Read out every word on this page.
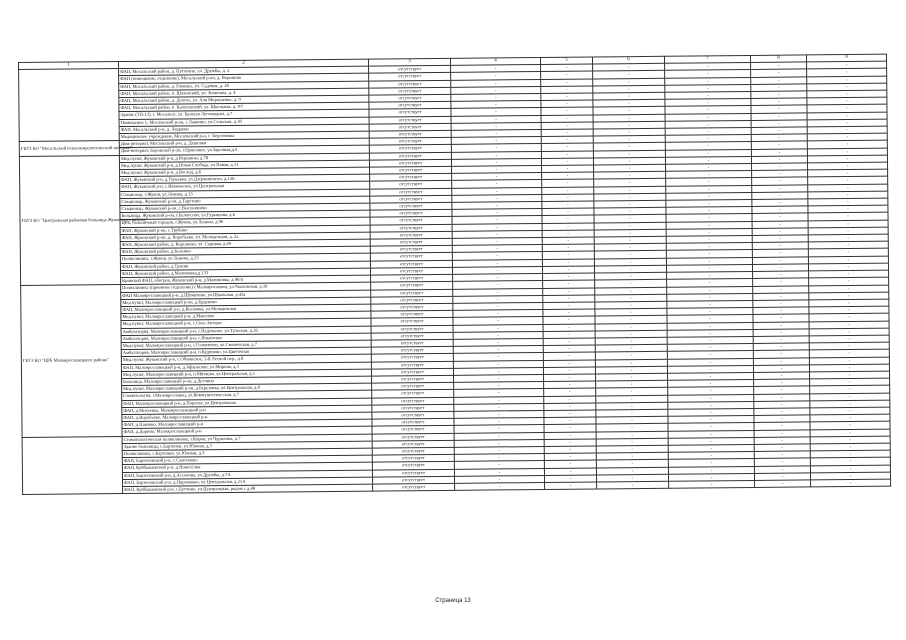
1	2	3	4	5	6	7	8	9
	ФАП, Мосальский район, д. Путогино, ул. Дружбы, д. 2	отсутствует	-	-	-	-	-	-
	ФАП (помещение, отделение), Мосальский р-он, д. Воронино	отсутствует	-	-	-	-	-	-
	ФАП, Мосальский район, д. Раменье, ул. Садовая, д. 20	отсутствует	-	-	-	-	-	-
	ФАП, Мосальский район, п. Шаховский, ул. Знаменка, д. 4	отсутствует	-	-	-	-	-	-
	ФАП, Мосальский район, д. Долгое, ул. Аля Мирошенко, д. 9	отсутствует	-	-	-	-	-	-
	ФАП, Мосальский район, п. Калуговский, ул. Школьная, д. 9/7	отсутствует	-	-	-	-	-	-
	Здание (ТП-13), г. Мосальск, ул. Братьев Луговицких, д.7	отсутствует	-	-	-	-	-	-
	Помещение 1, Мосальский р-он, с.Лавнино, ул.Сельская, д.30	отсутствует	-	-	-	-	-	-
	ФАП, Мосальский р-н, д. Людково	отсутствует	-	-	-	-	-	-
	Медицинское учреждение, Мосальский р-н, с. Берсеневка	отсутствует	-	-	-	-	-	-
ГБУЗ КО "Мосальский психоневрологический интернат"	Дом-интернат, Мосальский р-н, д. Дешевки	отсутствует	-	-	-	-	-	-
	Дом-интернат, Боровской р-он, г.Ермолино, ул.Зарочная,д.6	отсутствует	-	-	-	-	-	-
ГБУЗ КО "Центральная районная больница Жуковского района"	Мед.пункт, Жуковский р-н, д.Вершины, д.78	отсутствует	-	-	-	-	-	-
	Мед.пункт, Жуковский р-н, д.Новая Слобода, ул.Новая, д.11	отсутствует	-	-	-	-	-	-
	Мед.пункт, Жуковский р-н, д.Восход, д.6	отсутствует	-	-	-	-	-	-
	ФАП, Жуковский р-н, д.Гурьевка, ул.Дзержинского, д.12Б	отсутствует	-	-	-	-	-	-
	ФАП, Жуковский р-н, с.Ивановское, ул.Центральная	отсутствует	-	-	-	-	-	-
	Стационар, г.Жуков, ул.Ленина, д.13	отсутствует	-	-	-	-	-	-
	Стационар, Жуковский р-он, д.Тарутино	отсутствует	-	-	-	-	-	-
	Стационар, Жуковский р-он, с.Высокиничи	отсутствует	-	-	-	-	-	-
	Больница, Жуковский р-он, г.Белоусово, ул.Гурьянова, д.6	отсутствует	-	-	-	-	-	-
	ЦРБ, больничный городок, г.Жуков, ул.Ленина, д.96	отсутствует	-	-	-	-	-	-
	ФАП, Жуковский р-он, с.Трубино	отсутствует	-	-	-	-	-	-
	ФАП, Жуковский р-он, д. Воробьево, ул. Молодежная, д. 2а	отсутствует	-	-	-	-	-	-
	ФАП, Жуковский район, д. Корсаково, ул. Садовая, д.69	отсутствует	-	-	-	-	-	-
	ФАП, Жуковский район, д.Белкино	отсутствует	-	-	-	-	-	-
	Поликлиника, г.Жуков, ул.Ленина, д.13	отсутствует	-	-	-	-	-	-
	ФАП, Жуковский район, д.Трисвя	отсутствует	-	-	-	-	-	-
	ФАП, Жуковский район, д.Малиновка,д.133	отсутствует	-	-	-	-	-	-
	Кривской ФАП, обогрев, Жуковский р-н, д.Малиновка, д.90/4	отсутствует	-	-	-	-	-	-
ГБУЗ КО "ЦРБ Малоярославецкого района"	Поликлиника (приемное отделение) г.Малоярославец, ул.Чкаловская, д.16	отсутствует	-	-	-	-	-	-
	ФАП Малоярославецкий р-н, д.Шумятино, ул.Школьная, д.43а	отсутствует	-	-	-	-	-	-
	Мед.пункт, Малоярославецкий р-он, д.Ерденево	отсутствует	-	-	-	-	-	-
	ФАП, Малоярославецкий р-н, д.Козловка, ул.Молодежная	отсутствует	-	-	-	-	-	-
	Мед.пункт, Малоярославецкий р-н, д.Максимо	отсутствует	-	-	-	-	-	-
	Мед.пункт, Малоярославецкий р-н, с.Спас-Загорье	отсутствует	-	-	-	-	-	-
	Амбулатория, Малоярославецкий р-н, с.Недельное, ул.Тульская, д.26	отсутствует	-	-	-	-	-	-
	Амбулатория, Малоярославецкий р-н, с.Ильинское	отсутствует	-	-	-	-	-	-
	Мед.пункт, Малоярославецкий р-н, с.Головтеево, ул.Смоленская, д.7	отсутствует	-	-	-	-	-	-
	Амбулатория, Малоярославецкий р-н, п.Кудиново, ул.Цветочная	отсутствует	-	-	-	-	-	-
	Мед.пункт, Жуковский р-н, с.Обнинское, 2-й Лесной пер., д.8	отсутствует	-	-	-	-	-	-
	ФАП, Малоярославецкий р-н, д.Афанасово, ул.Мирная, д.3	отсутствует	-	-	-	-	-	-
	Мед.пункт, Малоярославецкий р-н, п.Митяево, ул.Центральная, д.1	отсутствует	-	-	-	-	-	-
	Больница, Малоярославецкий р-он, д.Детчино	отсутствует	-	-	-	-	-	-
	Мед.пункт, Малоярославецкий р-он, д.Березовка, ул.Центральная, д.8	отсутствует	-	-	-	-	-	-
	Стоматология, г.Малоярославец, ул.Коммунистическая, д.7	отсутствует	-	-	-	-	-	-
	ФАП, Малоярославецкий р-н, д.Поречье, ул.Центральная	отсутствует	-	-	-	-	-	-
	ФАП, д.Михеевка, Малоярославецкий р-н	отсутствует	-	-	-	-	-	-
	ФАП, д.Воробьёво, Малоярославецкий р-н	отсутствует	-	-	-	-	-	-
	ФАП, д.Павлово, Малоярославецкий р-н	отсутствует	-	-	-	-	-	-
	ФАП, д.Дорино, Малоярославецкий р-н	отсутствует	-	-	-	-	-	-
	Стоматологическая поликлиника, г.Киров, ул.Чурилина, д.7	отсутствует	-	-	-	-	-	-
	Здание больницы, с.Бартенки, ул.Южная, д.3	отсутствует	-	-	-	-	-	-
	Поликлиника, с.Бартенки, ул.Южная, д.3	отсутствует	-	-	-	-	-	-
	ФАП, Бартеновский р-н, с.Самсоново	отсутствует	-	-	-	-	-	-
	ФАП, Куйбышевский р-н, д.Новосёлки	отсутствует	-	-	-	-	-	-
	ФАП, Бартеновский р-н, д.Ассоново, ул.Дружбы, д.7А	отсутствует	-	-	-	-	-	-
	ФАП, Бартеновский р-н, д.Пирожково, ул.Центральная, д.21А	отсутствует	-	-	-	-	-	-
	ФАП, Куйбышевский р-н, с.Бутчино, ул.Центральная, рядом с д.48	отсутствует	-	-	-	-	-	-
Страница 13
